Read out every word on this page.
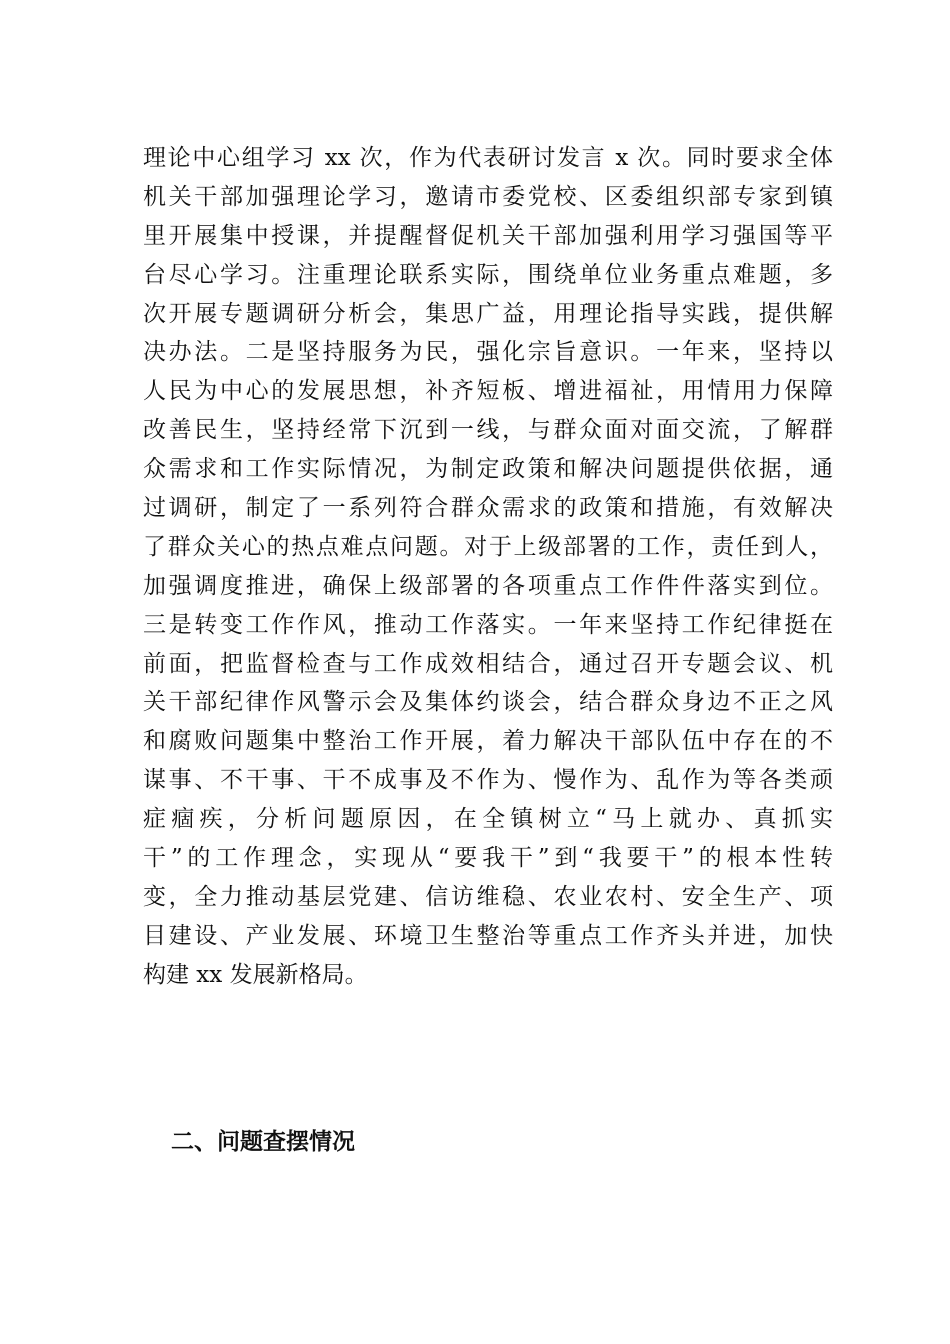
理论中心组学习 xx 次，作为代表研讨发言 x 次。同时要求全体
机关干部加强理论学习，邀请市委党校、区委组织部专家到镇
里开展集中授课，并提醒督促机关干部加强利用学习强国等平
台尽心学习。注重理论联系实际，围绕单位业务重点难题，多
次开展专题调研分析会，集思广益，用理论指导实践，提供解
决办法。二是坚持服务为民，强化宗旨意识。一年来，坚持以
人民为中心的发展思想，补齐短板、增进福祉，用情用力保障
改善民生，坚持经常下沉到一线，与群众面对面交流，了解群
众需求和工作实际情况，为制定政策和解决问题提供依据，通
过调研，制定了一系列符合群众需求的政策和措施，有效解决
了群众关心的热点难点问题。对于上级部署的工作，责任到人，
加强调度推进，确保上级部署的各项重点工作件件落实到位。
三是转变工作作风，推动工作落实。一年来坚持工作纪律挺在
前面，把监督检查与工作成效相结合，通过召开专题会议、机
关干部纪律作风警示会及集体约谈会，结合群众身边不正之风
和腐败问题集中整治工作开展，着力解决干部队伍中存在的不
谋事、不干事、干不成事及不作为、慢作为、乱作为等各类顽
症痼疾，分析问题原因，在全镇树立“马上就办、真抓实
干”的工作理念，实现从“要我干”到“我要干”的根本性转
变，全力推动基层党建、信访维稳、农业农村、安全生产、项
目建设、产业发展、环境卫生整治等重点工作齐头并进，加快
构建 xx 发展新格局。
二、问题查摆情况
